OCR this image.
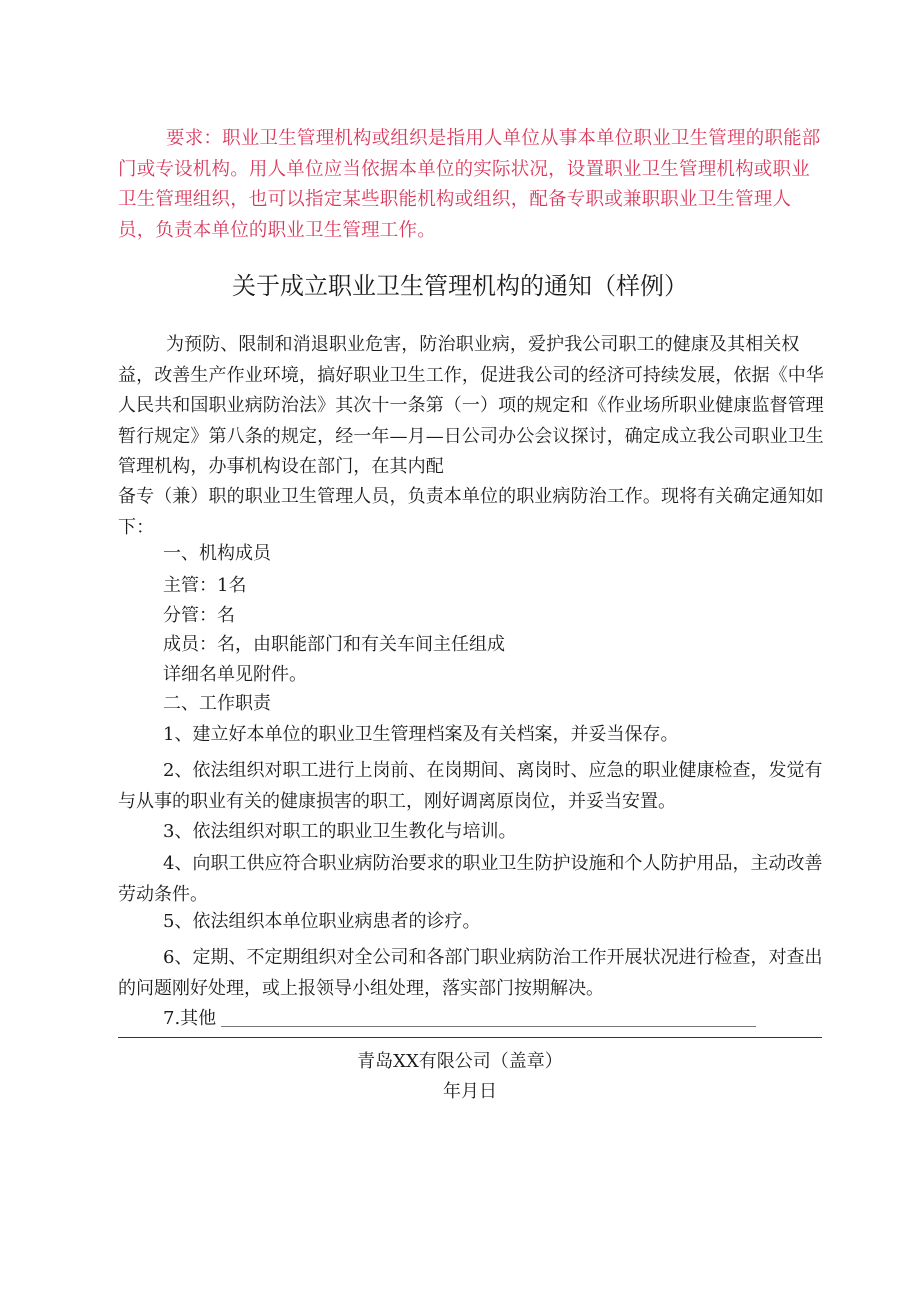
要求：职业卫生管理机构或组织是指用人单位从事本单位职业卫生管理的职能部门或专设机构。用人单位应当依据本单位的实际状况，设置职业卫生管理机构或职业卫生管理组织，也可以指定某些职能机构或组织，配备专职或兼职职业卫生管理人员，负责本单位的职业卫生管理工作。
关于成立职业卫生管理机构的通知（样例）
为预防、限制和消退职业危害，防治职业病，爱护我公司职工的健康及其相关权益，改善生产作业环境，搞好职业卫生工作，促进我公司的经济可持续发展，依据《中华人民共和国职业病防治法》其次十一条第（一）项的规定和《作业场所职业健康监督管理暂行规定》第八条的规定，经一年—月—日公司办公会议探讨，确定成立我公司职业卫生管理机构，办事机构设在部门，在其内配
备专（兼）职的职业卫生管理人员，负责本单位的职业病防治工作。现将有关确定通知如下：
一、机构成员
主管：1名
分管：名
成员：名，由职能部门和有关车间主任组成
详细名单见附件。
二、工作职责
1、建立好本单位的职业卫生管理档案及有关档案，并妥当保存。
2、依法组织对职工进行上岗前、在岗期间、离岗时、应急的职业健康检查，发觉有与从事的职业有关的健康损害的职工，刚好调离原岗位，并妥当安置。
3、依法组织对职工的职业卫生教化与培训。
4、向职工供应符合职业病防治要求的职业卫生防护设施和个人防护用品，主动改善劳动条件。
5、依法组织本单位职业病患者的诊疗。
6、定期、不定期组织对全公司和各部门职业病防治工作开展状况进行检查，对查出的问题刚好处理，或上报领导小组处理，落实部门按期解决。
7.其他
青岛XX有限公司（盖章）
年月日
